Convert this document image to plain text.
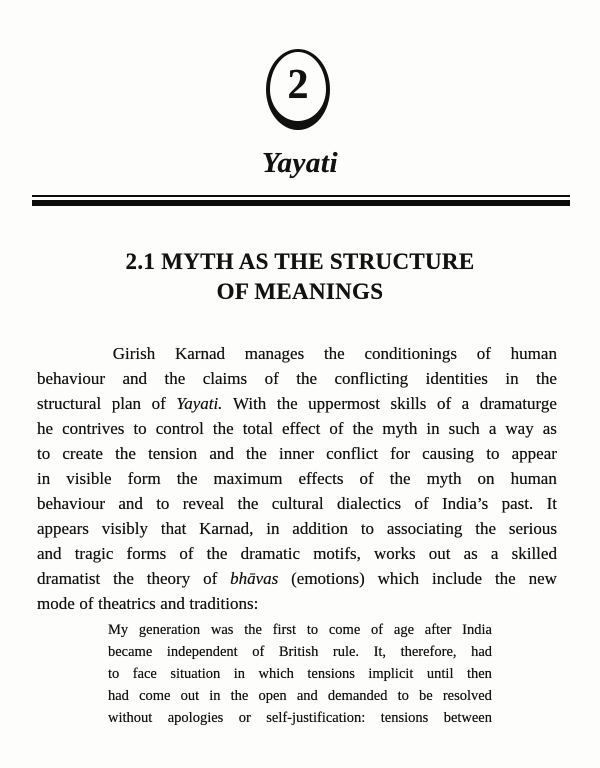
2
Yayati
2.1 MYTH AS THE STRUCTURE
OF MEANINGS
Girish Karnad manages the conditionings of human
behaviour and the claims of the conflicting identities in the
structural plan of Yayati. With the uppermost skills of a dramaturge
he contrives to control the total effect of the myth in such a way as
to create the tension and the inner conflict for causing to appear
in visible form the maximum effects of the myth on human
behaviour and to reveal the cultural dialectics of India’s past. It
appears visibly that Karnad, in addition to associating the serious
and tragic forms of the dramatic motifs, works out as a skilled
dramatist the theory of bhāvas (emotions) which include the new
mode of theatrics and traditions:
My generation was the first to come of age after India
became independent of British rule. It, therefore, had
to face situation in which tensions implicit until then
had come out in the open and demanded to be resolved
without apologies or self-justification: tensions between
